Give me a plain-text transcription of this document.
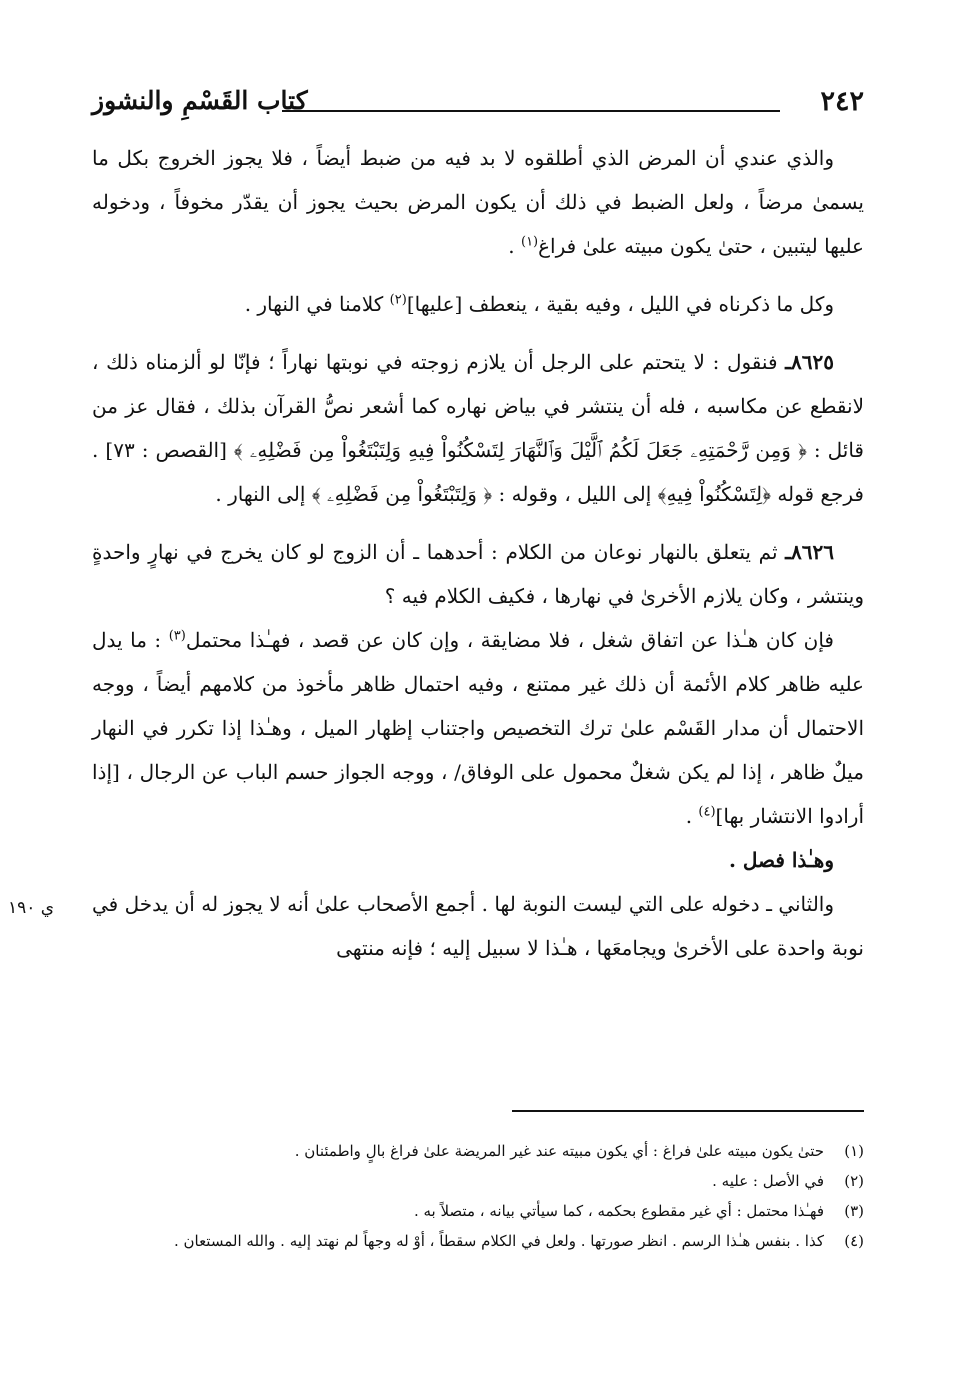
٢٤٢
كتاب القَسْمِ والنشوز

والذي عندي أن المرض الذي أطلقوه لا بد فيه من ضبط أيضاً ، فلا يجوز الخروج بكل ما يسمىٰ مرضاً ، ولعل الضبط في ذلك أن يكون المرض بحيث يجوز أن يقدّر مخوفاً ، ودخوله عليها ليتبين ، حتىٰ يكون مبيته علىٰ فراغ$^{(١)}$ .

وكل ما ذكرناه في الليل ، وفيه بقية ، ينعطف [عليها]$^{(٢)}$ كلامنا في النهار .

٨٦٢٥ـ فنقول : لا يتحتم على الرجل أن يلازم زوجته في نوبتها نهاراً ؛ فإنّا لو ألزمناه ذلك ، لانقطع عن مكاسبه ، فله أن ينتشر في بياض نهاره كما أشعر نصُّ القرآن بذلك ، فقال عز من قائل : ﴿ وَمِن رَّحْمَتِهِۦ جَعَلَ لَكُمُ ٱلَّيْلَ وَٱلنَّهَارَ لِتَسْكُنُواْ فِيهِ وَلِتَبْتَغُواْ مِن فَضْلِهِۦ ﴾ [القصص : ٧٣] . فرجع قوله ﴿لِتَسْكُنُواْ فِيهِ﴾ إلى الليل ، وقوله : ﴿ وَلِتَبْتَغُواْ مِن فَضْلِهِۦ ﴾ إلى النهار .

٨٦٢٦ـ ثم يتعلق بالنهار نوعان من الكلام : أحدهما ـ أن الزوج لو كان يخرج في نهارٍ واحدةٍ وينتشر ، وكان يلازم الأخرىٰ في نهارها ، فكيف الكلام فيه ؟

فإن كان هـٰذا عن اتفاق شغل ، فلا مضايقة ، وإن كان عن قصد ، فهـٰذا محتمل$^{(٣)}$ : ما يدل عليه ظاهر كلام الأئمة أن ذلك غير ممتنع ، وفيه احتمال ظاهر مأخوذ من كلامهم أيضاً ، ووجه الاحتمال أن مدار القَسْم علىٰ ترك التخصيص واجتناب إظهار الميل ، وهـٰذا إذا تكرر في النهار ميلٌ ظاهر ، إذا لم يكن شغلٌ محمول على الوفاق/ ، ووجه الجواز حسم الباب عن الرجال ، [إذا أرادوا الانتشار بها]$^{(٤)}$ .

وهـٰذا فصل .

والثاني ـ دخوله على التي ليست النوبة لها . أجمع الأصحاب علىٰ أنه لا يجوز له أن يدخل في نوبة واحدة على الأخرىٰ ويجامعَها ، هـٰذا لا سبيل إليه ؛ فإنه منتهى

ي ١٩٠
(١)
حتىٰ يكون مبيته علىٰ فراغ : أي يكون مبيته عند غير المريضة علىٰ فراغ بالٍ واطمئنان .
(٢)
في الأصل : عليه .
(٣)
فهـٰذا محتمل : أي غير مقطوع بحكمه ، كما سيأتي بيانه ، متصلاً به .
(٤)
كذا . بنفس هـٰذا الرسم . انظر صورتها . ولعل في الكلام سقطاً ، أوْ له وجهاً لم نهتد إليه . والله المستعان .
